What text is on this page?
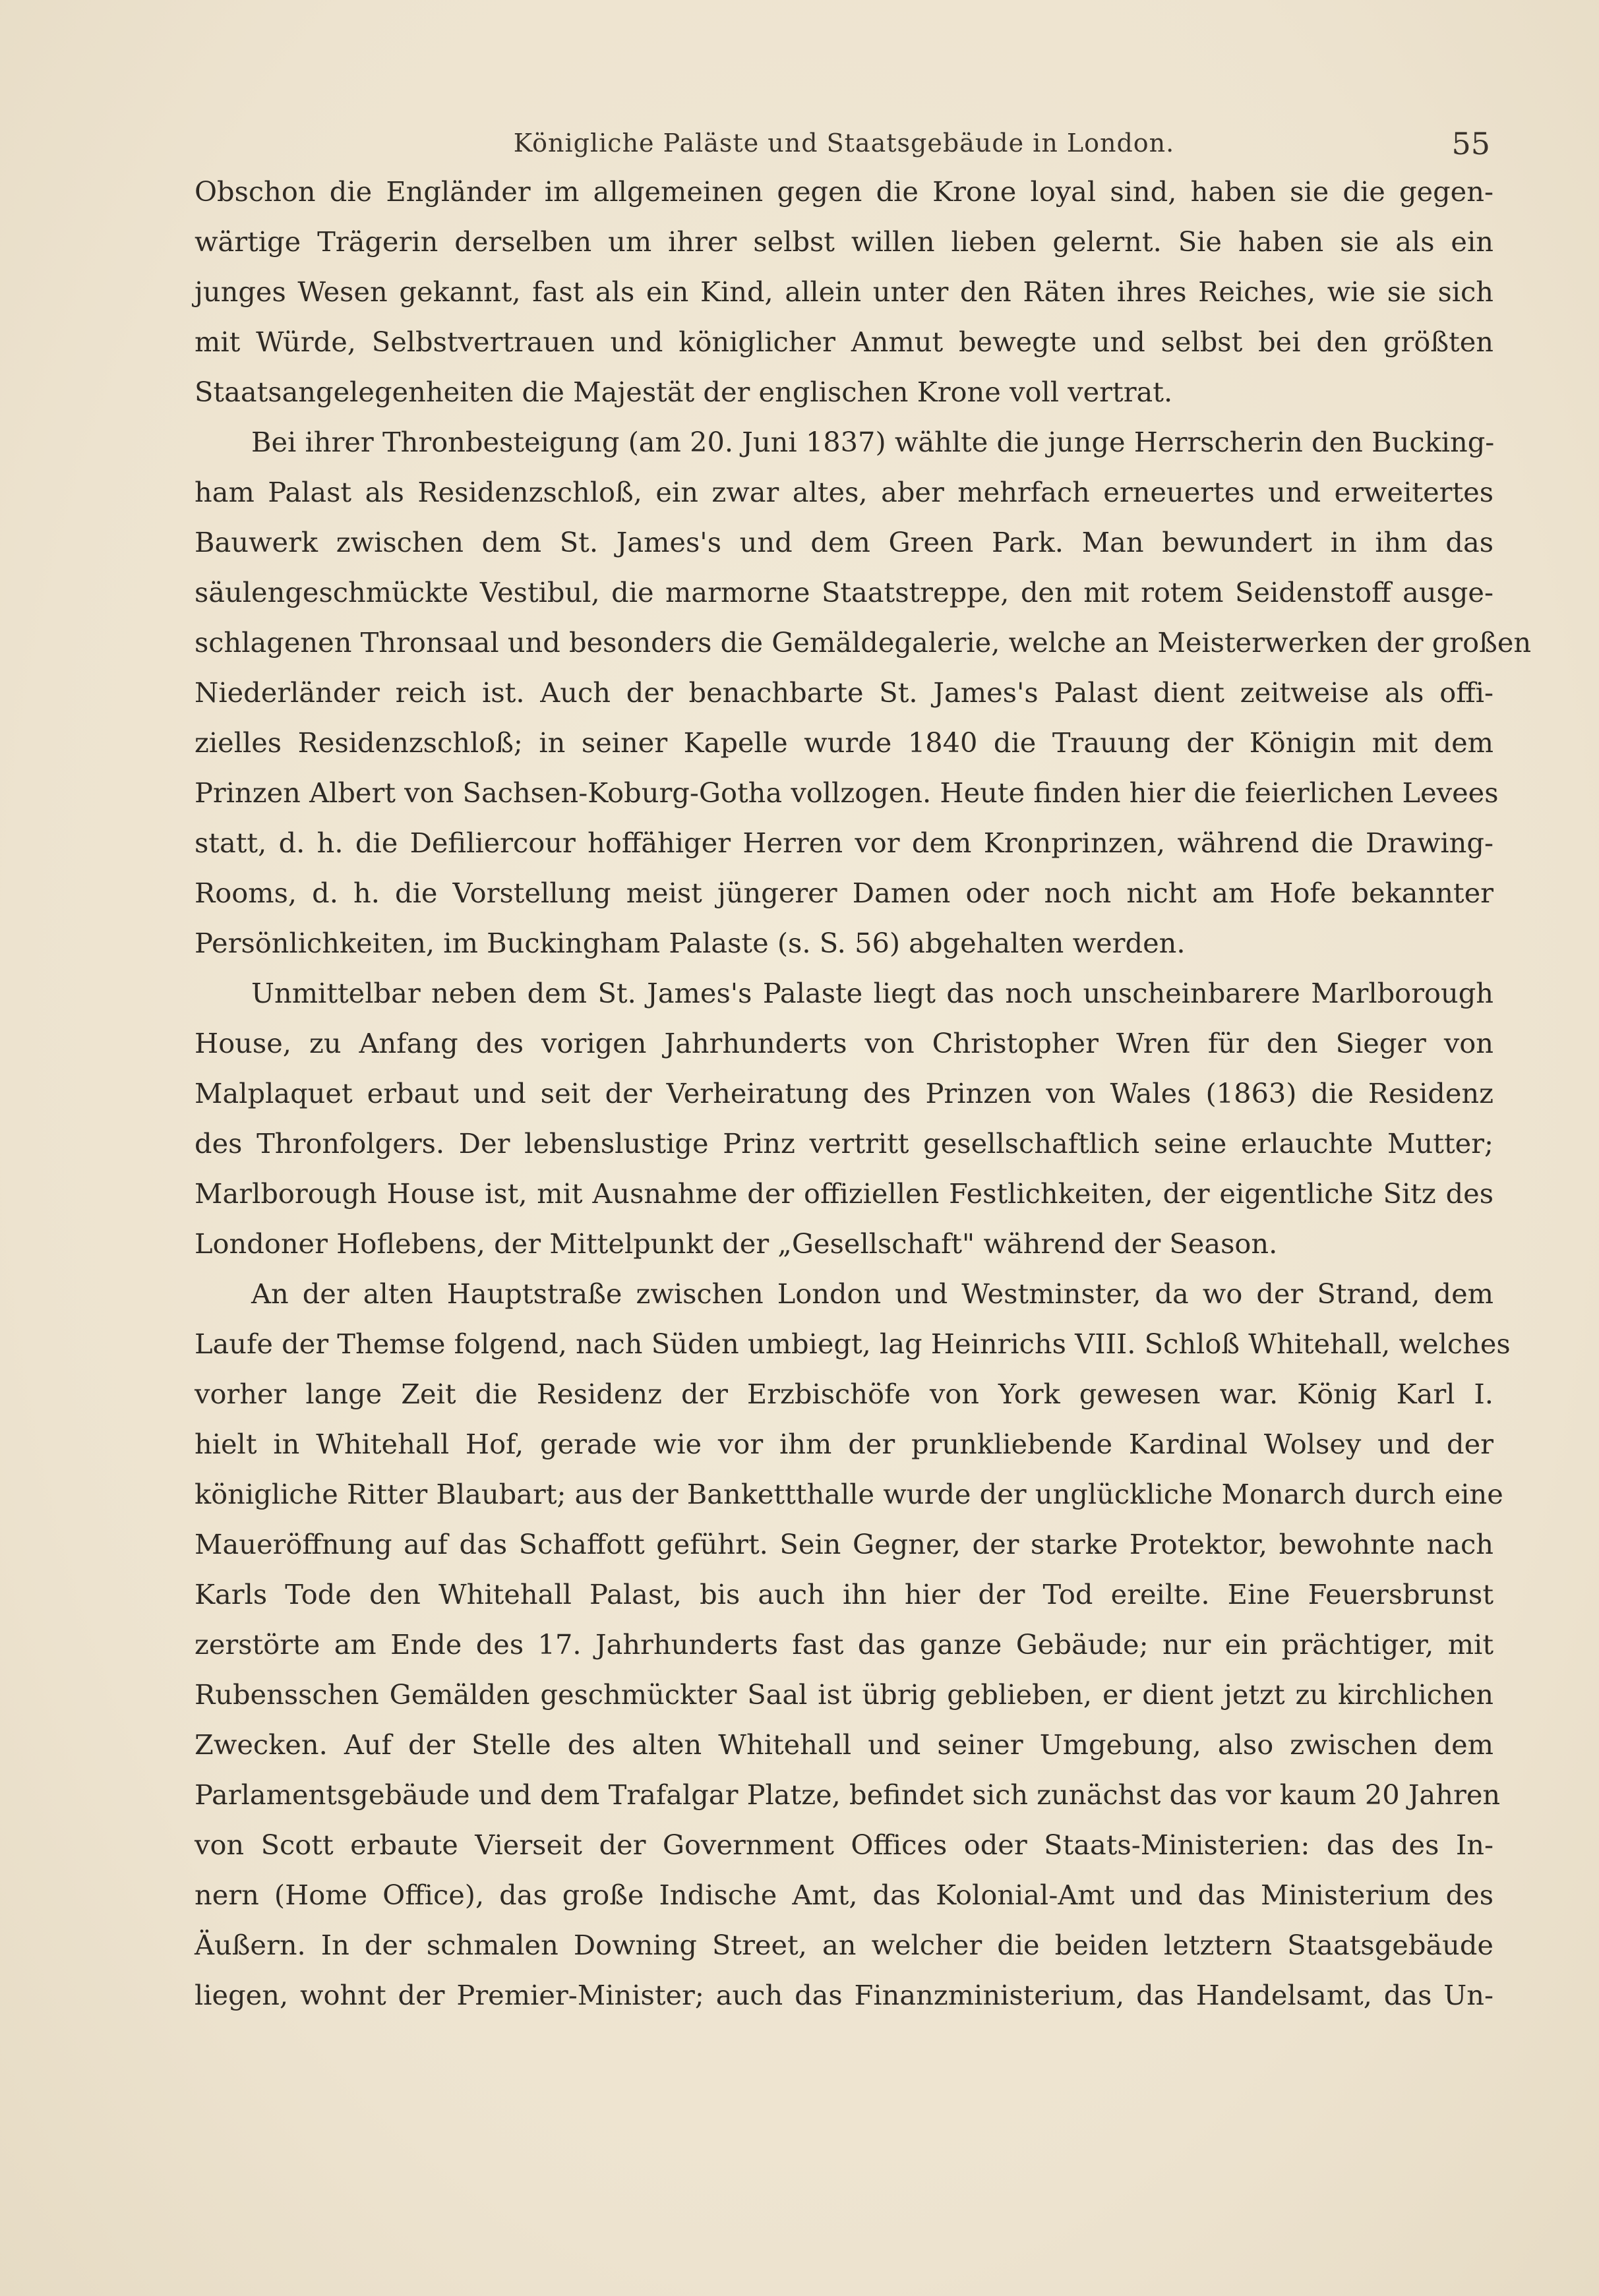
Königliche Paläste und Staatsgebäude in London.	55
Obschon die Engländer im allgemeinen gegen die Krone loyal sind, haben sie die gegen-
wärtige Trägerin derselben um ihrer selbst willen lieben gelernt. Sie haben sie als ein
junges Wesen gekannt, fast als ein Kind, allein unter den Räten ihres Reiches, wie sie sich
mit Würde, Selbstvertrauen und königlicher Anmut bewegte und selbst bei den größten
Staatsangelegenheiten die Majestät der englischen Krone voll vertrat.
Bei ihrer Thronbesteigung (am 20. Juni 1837) wählte die junge Herrscherin den Bucking-
ham Palast als Residenzschloß, ein zwar altes, aber mehrfach erneuertes und erweitertes
Bauwerk zwischen dem St. James's und dem Green Park. Man bewundert in ihm das
säulengeschmückte Vestibul, die marmorne Staatstreppe, den mit rotem Seidenstoff ausge-
schlagenen Thronsaal und besonders die Gemäldegalerie, welche an Meisterwerken der großen
Niederländer reich ist. Auch der benachbarte St. James's Palast dient zeitweise als offi-
zielles Residenzschloß; in seiner Kapelle wurde 1840 die Trauung der Königin mit dem
Prinzen Albert von Sachsen-Koburg-Gotha vollzogen. Heute finden hier die feierlichen Levees
statt, d. h. die Defiliercour hoffähiger Herren vor dem Kronprinzen, während die Drawing-
Rooms, d. h. die Vorstellung meist jüngerer Damen oder noch nicht am Hofe bekannter
Persönlichkeiten, im Buckingham Palaste (s. S. 56) abgehalten werden.
Unmittelbar neben dem St. James's Palaste liegt das noch unscheinbarere Marlborough
House, zu Anfang des vorigen Jahrhunderts von Christopher Wren für den Sieger von
Malplaquet erbaut und seit der Verheiratung des Prinzen von Wales (1863) die Residenz
des Thronfolgers. Der lebenslustige Prinz vertritt gesellschaftlich seine erlauchte Mutter;
Marlborough House ist, mit Ausnahme der offiziellen Festlichkeiten, der eigentliche Sitz des
Londoner Hoflebens, der Mittelpunkt der „Gesellschaft" während der Season.
An der alten Hauptstraße zwischen London und Westminster, da wo der Strand, dem
Laufe der Themse folgend, nach Süden umbiegt, lag Heinrichs VIII. Schloß Whitehall, welches
vorher lange Zeit die Residenz der Erzbischöfe von York gewesen war. König Karl I.
hielt in Whitehall Hof, gerade wie vor ihm der prunkliebende Kardinal Wolsey und der
königliche Ritter Blaubart; aus der Bankettthalle wurde der unglückliche Monarch durch eine
Maueröffnung auf das Schaffott geführt. Sein Gegner, der starke Protektor, bewohnte nach
Karls Tode den Whitehall Palast, bis auch ihn hier der Tod ereilte. Eine Feuersbrunst
zerstörte am Ende des 17. Jahrhunderts fast das ganze Gebäude; nur ein prächtiger, mit
Rubensschen Gemälden geschmückter Saal ist übrig geblieben, er dient jetzt zu kirchlichen
Zwecken. Auf der Stelle des alten Whitehall und seiner Umgebung, also zwischen dem
Parlamentsgebäude und dem Trafalgar Platze, befindet sich zunächst das vor kaum 20 Jahren
von Scott erbaute Vierseit der Government Offices oder Staats-Ministerien: das des In-
nern (Home Office), das große Indische Amt, das Kolonial-Amt und das Ministerium des
Äußern. In der schmalen Downing Street, an welcher die beiden letztern Staatsgebäude
liegen, wohnt der Premier-Minister; auch das Finanzministerium, das Handelsamt, das Un-
